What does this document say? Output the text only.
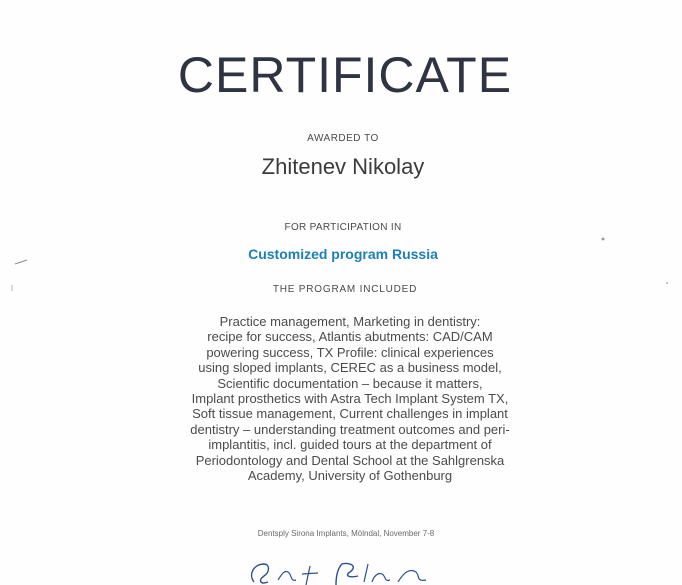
CERTIFICATE
AWARDED TO
Zhitenev Nikolay
FOR PARTICIPATION IN
Customized program Russia
THE PROGRAM INCLUDED
Practice management, Marketing in dentistry:
recipe for success, Atlantis abutments: CAD/CAM
powering success, TX Profile: clinical experiences
using sloped implants, CEREC as a business model,
Scientific documentation – because it matters,
Implant prosthetics with Astra Tech Implant System TX,
Soft tissue management, Current challenges in implant
dentistry – understanding treatment outcomes and peri-
implantitis, incl. guided tours at the department of
Periodontology and Dental School at the Sahlgrenska
Academy, University of Gothenburg
Dentsply Sirona Implants, Mölndal, November 7-8
